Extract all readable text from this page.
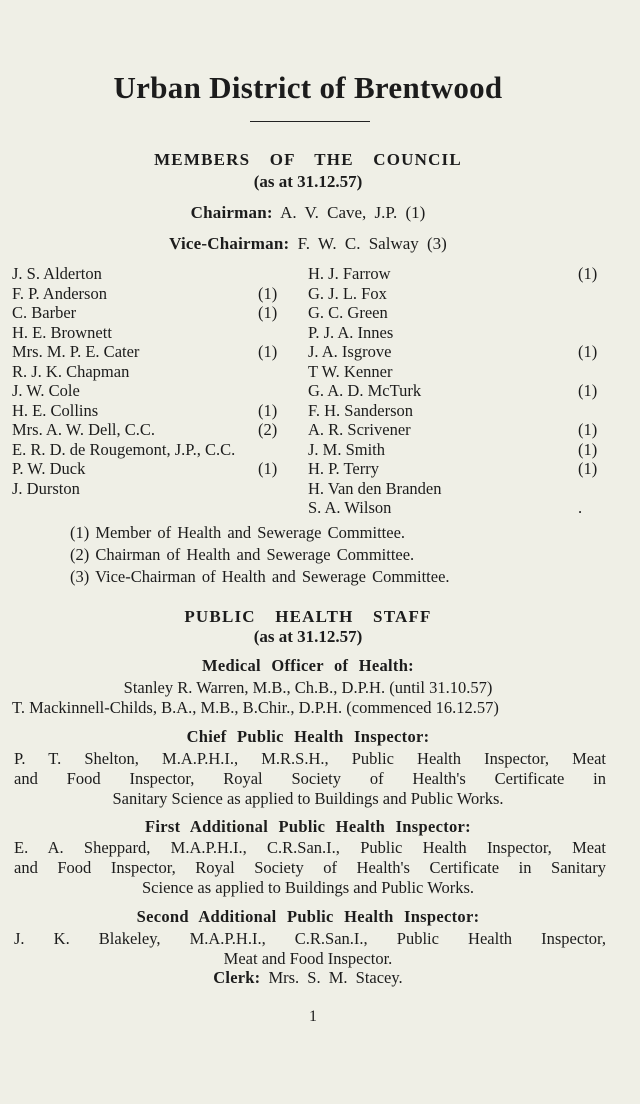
Urban District of Brentwood
MEMBERS OF THE COUNCIL
(as at 31.12.57)
Chairman: A. V. Cave, J.P. (1)
Vice-Chairman: F. W. C. Salway (3)
J. S. Alderton
F. P. Anderson	(1)
C. Barber	(1)
H. E. Brownett
Mrs. M. P. E. Cater	(1)
R. J. K. Chapman
J. W. Cole
H. E. Collins	(1)
Mrs. A. W. Dell, C.C.	(2)
E. R. D. de Rougemont, J.P., C.C.
P. W. Duck	(1)
J. Durston
H. J. Farrow	(1)
G. J. L. Fox
G. C. Green
P. J. A. Innes
J. A. Isgrove	(1)
T W. Kenner
G. A. D. McTurk	(1)
F. H. Sanderson
A. R. Scrivener	(1)
J. M. Smith	(1)
H. P. Terry	(1)
H. Van den Branden
S. A. Wilson	.
(1) Member of Health and Sewerage Committee.
(2) Chairman of Health and Sewerage Committee.
(3) Vice-Chairman of Health and Sewerage Committee.
PUBLIC HEALTH STAFF
(as at 31.12.57)
Medical Officer of Health:
Stanley R. Warren, M.B., Ch.B., D.P.H. (until 31.10.57)
T. Mackinnell-Childs, B.A., M.B., B.Chir., D.P.H. (commenced 16.12.57)
Chief Public Health Inspector:
P. T. Shelton, M.A.P.H.I., M.R.S.H., Public Health Inspector, Meat
and Food Inspector, Royal Society of Health's Certificate in
Sanitary Science as applied to Buildings and Public Works.
First Additional Public Health Inspector:
E. A. Sheppard, M.A.P.H.I., C.R.San.I., Public Health Inspector, Meat
and Food Inspector, Royal Society of Health's Certificate in Sanitary
Science as applied to Buildings and Public Works.
Second Additional Public Health Inspector:
J. K. Blakeley, M.A.P.H.I., C.R.San.I., Public Health Inspector,
Meat and Food Inspector.
Clerk: Mrs. S. M. Stacey.
1
